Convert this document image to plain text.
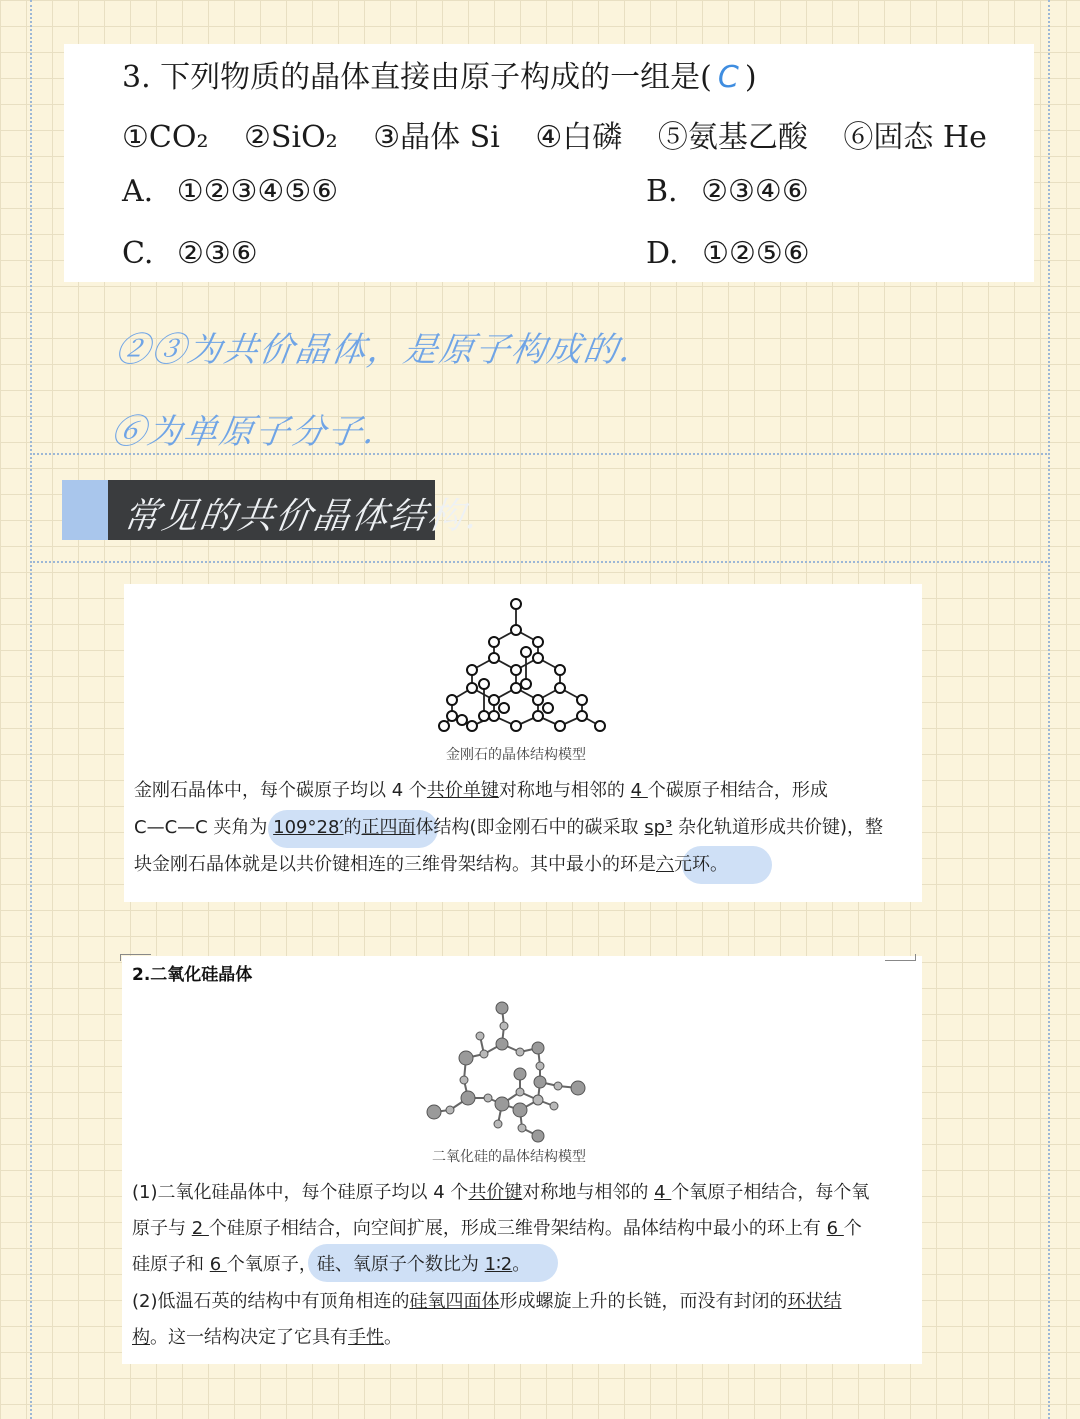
3. 下列物质的晶体直接由原子构成的一组是( C )
①CO₂ ②SiO₂ ③晶体 Si ④白磷 ⑤氨基乙酸 ⑥固态 He
A. ①②③④⑤⑥	B. ②③④⑥
C. ②③⑥	D. ①②⑤⑥
②③为共价晶体，是原子构成的.
⑥为单原子分子.
常见的共价晶体结构.
金刚石的晶体结构模型
金刚石晶体中，每个碳原子均以 4 个共价单键对称地与相邻的 4 个碳原子相结合，形成
C—C—C 夹角为 109°28′的正四面体结构(即金刚石中的碳采取 sp³ 杂化轨道形成共价键)，整
块金刚石晶体就是以共价键相连的三维骨架结构。其中最小的环是六元环。
2.二氧化硅晶体
二氧化硅的晶体结构模型
(1)二氧化硅晶体中，每个硅原子均以 4 个共价键对称地与相邻的 4 个氧原子相结合，每个氧
原子与 2 个硅原子相结合，向空间扩展，形成三维骨架结构。晶体结构中最小的环上有 6 个
硅原子和 6 个氧原子，硅、氧原子个数比为 1∶2。
(2)低温石英的结构中有顶角相连的硅氧四面体形成螺旋上升的长链，而没有封闭的环状结
构。这一结构决定了它具有手性。
